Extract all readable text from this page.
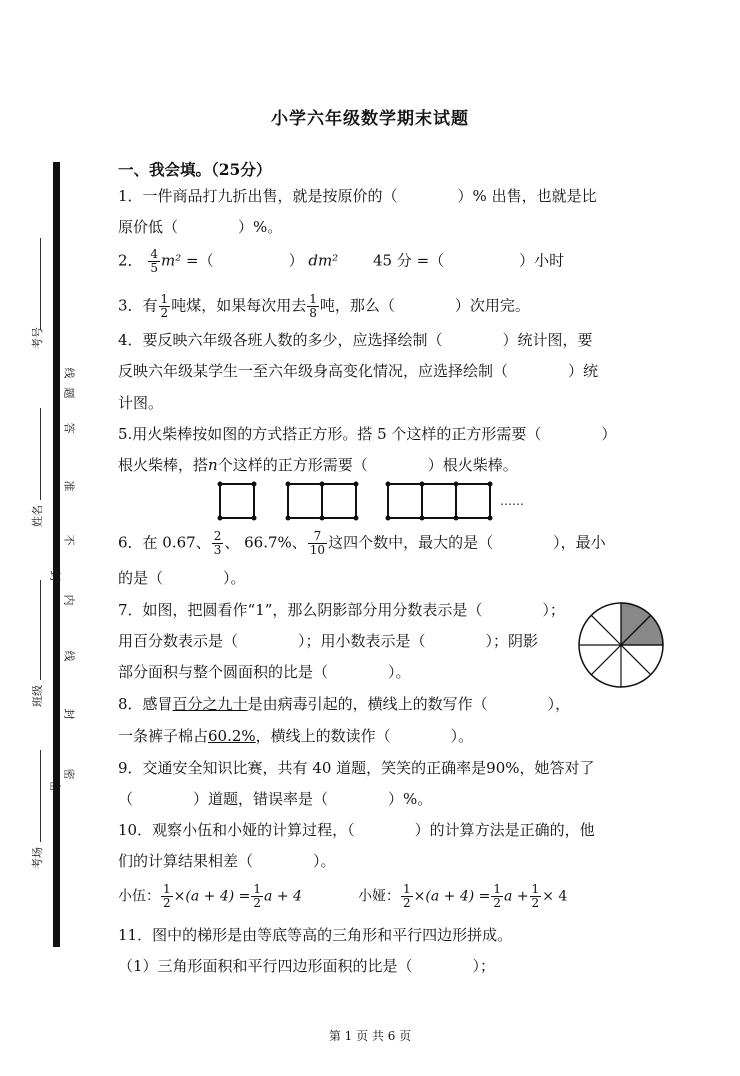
小学六年级数学期末试题
考号
姓名
班级
考场
线
题
答
准
不
封
内
线
封
密
密
一、我会填。（25分）
1．一件商品打九折出售，就是按原价的（　　　　）% 出售，也就是比
原价低（　　　　）%。
2． $\frac{4}{5} m^2$ =（　　　　　） dm² 　　45 分 =（　　　　　）小时
3．有 $\frac{1}{2}$ 吨煤，如果每次用去 $\frac{1}{8}$ 吨，那么（　　　　）次用完。
4．要反映六年级各班人数的多少，应选择绘制（　　　　）统计图，要
反映六年级某学生一至六年级身高变化情况，应选择绘制（　　　　）统
计图。
5.用火柴棒按如图的方式搭正方形。搭 5 个这样的正方形需要（　　　　）
根火柴棒，搭n个这样的正方形需要（　　　　）根火柴棒。
……
6．在 0.67、 $\frac{2}{3}$ 、 66.7%、 $\frac{7}{10}$ 这四个数中，最大的是（　　　　），最小
的是（　　　　）。
7．如图，把圆看作“1”，那么阴影部分用分数表示是（　　　　）；
用百分数表示是（　　　　）；用小数表示是（　　　　）；阴影
部分面积与整个圆面积的比是（　　　　）。
8．感冒百分之九十是由病毒引起的，横线上的数写作（　　　　），
一条裤子棉占60.2%，横线上的数读作（　　　　）。
9．交通安全知识比赛，共有 40 道题，笑笑的正确率是90%，她答对了
（　　　　）道题，错误率是（　　　　）%。
10．观察小伍和小娅的计算过程，（　　　　）的计算方法是正确的，他
们的计算结果相差（　　　　）。
小伍： $\frac{1}{2} \times(a + 4) = \frac{1}{2}$ a + 4	小娅： $\frac{1}{2} \times(a + 4) = \frac{1}{2}$ $a + \frac{1}{2} \times 4$
11．图中的梯形是由等底等高的三角形和平行四边形拼成。
（1）三角形面积和平行四边形面积的比是（　　　　）；
第 1 页 共 6 页
